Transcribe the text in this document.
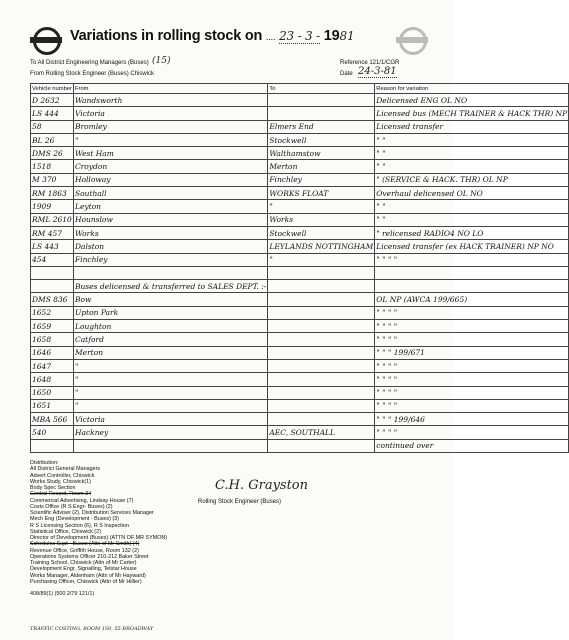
Variations in rolling stock on .... 23 - 3 - 1981
To All District Engineering Managers (Buses) (15)
From Rolling Stock Engineer (Buses) Chiswick
Reference 121/1/CGR
Date 24-3-81
Vehicle number	From	To	Reason for variation
D 2632	Wandsworth		Delicensed ENG OL NO
LS 444	Victoria		Licensed bus (MECH TRAINER & HACK THR) NP
58	Bromley	Elmers End	Licensed transfer
BL 26	"	Stockwell	" "
DMS 26	West Ham	Walthamstow	" "
1518	Croydon	Merton	" "
M 370	Holloway	Finchley	" (SERVICE & HACK. THR) OL NP
RM 1863	Southall	WORKS FLOAT	Overhaul delicensed OL NO
1909	Leyton	"	" "
RML 2610	Hounslow	Works	" "
RM 457	Works	Stockwell	" relicensed RADIO4 NO LO
LS 443	Dalston	LEYLANDS NOTTINGHAM	Licensed transfer (ex HACK TRAINER) NP NO
454	Finchley	"	" " " "

	Buses delicensed & transferred to SALES DEPT. :-		
DMS 836	Bow		OL NP (AWCA 199/665)
1652	Upton Park		" " " "
1659	Loughton		" " " "
1658	Catford		" " " "
1646	Merton		" " " 199/671
1647	"		" " " "
1648	"		" " " "
1650	"		" " " "
1651	"		" " " "
MBA 566	Victoria		" " " 199/646
540	Hackney	AEC, SOUTHALL	" " " "
			continued over
Distribution:
All District General Managers
Advert Controller, Chiswick
Works Study, Chiswick(1)
Body Spec Section
Central Record, Room 34
Commercial Advertising, Lindsay House (7)
Costs Office (R S Engr- Buses) (2)
Scientific Adviser (2), Distribution Services Manager
Mech Eng (Development - Buses) (3)
R S Licensing Section (6), R S Inspection
Statistical Office, Chiswick (2)
Director of Development (Buses) (ATTN OF MR SYMON)
Schedules Supt - Buses (Attn of Mr Smith) (4)
Revenue Office, Griffith House, Room 132 (2)
Operations Systems Officer 210-212 Baker Street
Training School, Chiswick (Attn of Mr Carter)
Development Engr, Signalling, Telstar House
Works Manager, Aldenham (Attn of Mr Hayward)
Purchasing Officer, Chiswick (Attn of Mr Hillier)
408/89(1) (500 2/79 121/1)
TRAFFIC COSTING, ROOM 150, 55 BROADWAY
C.H. Grayston
Rolling Stock Engineer (Buses)
